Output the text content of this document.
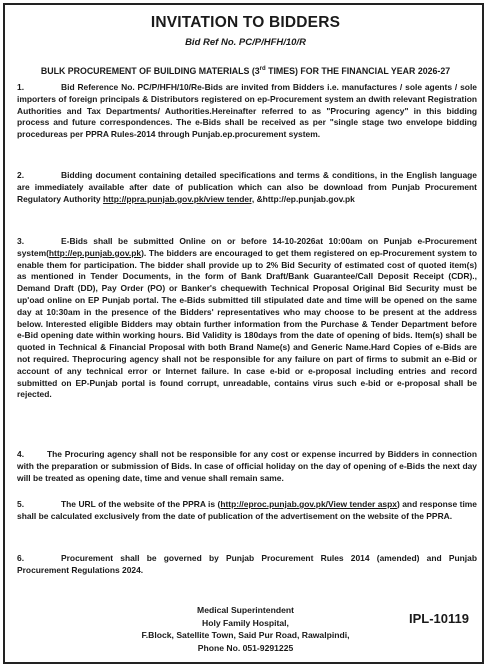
INVITATION TO BIDDERS
Bid Ref No. PC/P/HFH/10/R
BULK PROCUREMENT OF BUILDING MATERIALS (3rd TIMES) FOR THE FINANCIAL YEAR 2026-27
1.	Bid Reference No. PC/P/HFH/10/Re-Bids are invited from Bidders i.e. manufactures / sole agents / sole importers of foreign principals & Distributors registered on ep-Procurement system an dwith relevant Registration Authorities and Tax Departments/ Authorities.Hereinafter referred to as "Procuring agency" in this bidding process and future correspondences. The e-Bids shall be received as per "single stage two envelope bidding procedureas per PPRA Rules-2014 through Punjab.ep.procurement system.
2.	Bidding document containing detailed specifications and terms & conditions, in the English language are immediately available after date of publication which can also be download from Punjab Procurement Regulatory Authority http://ppra.punjab.gov.pk/view tender, &http://ep.punjab.gov.pk
3.	E-Bids shall be submitted Online on or before 14-10-2026at 10:00am on Punjab e-Procurement system(http://ep.punjab.gov.pk). The bidders are encouraged to get them registered on ep-Procurement system to enable them for participation. The bidder shall provide up to 2% Bid Security of estimated cost of quoted item(s) as mentioned in Tender Documents, in the form of Bank Draft/Bank Guarantee/Call Deposit Receipt (CDR)., Demand Draft (DD), Pay Order (PO) or Banker's chequewith Technical Proposal Original Bid Security must be up'oad online on EP Punjab portal. The e-Bids submitted till stipulated date and time will be opened on the same day at 10:30am in the presence of the Bidders' representatives who may choose to be present at the address below. Interested eligible Bidders may obtain further information from the Purchase & Tender Department before e-Bid opening date within working hours. Bid Validity is 180days from the date of opening of bids. Item(s) shall be quoted in Technical & Financial Proposal with both Brand Name(s) and Generic Name.Hard Copies of e-Bids are not required. Theprocuring agency shall not be responsible for any failure on part of firms to submit an e-Bid or account of any technical error or Internet failure. In case e-bid or e-proposal including entries and record submitted on EP-Punjab portal is found corrupt, unreadable, contains virus such e-bid or e-proposal shall be rejected.
4.	The Procuring agency shall not be responsible for any cost or expense incurred by Bidders in connection with the preparation or submission of Bids. In case of official holiday on the day of opening of e-Bids the next day will be treated as opening date, time and venue shall remain same.
5.	The URL of the website of the PPRA is (http://eproc.punjab.gov.pk/View tender aspx) and response time shall be calculated exclusively from the date of publication of the advertisement on the website of the PPRA.
6.	Procurement shall be governed by Punjab Procurement Rules 2014 (amended) and Punjab Procurement Regulations 2024.
Medical Superintendent
Holy Family Hospital,
F.Block, Satellite Town, Said Pur Road, Rawalpindi,
Phone No. 051-9291225
IPL-10119
